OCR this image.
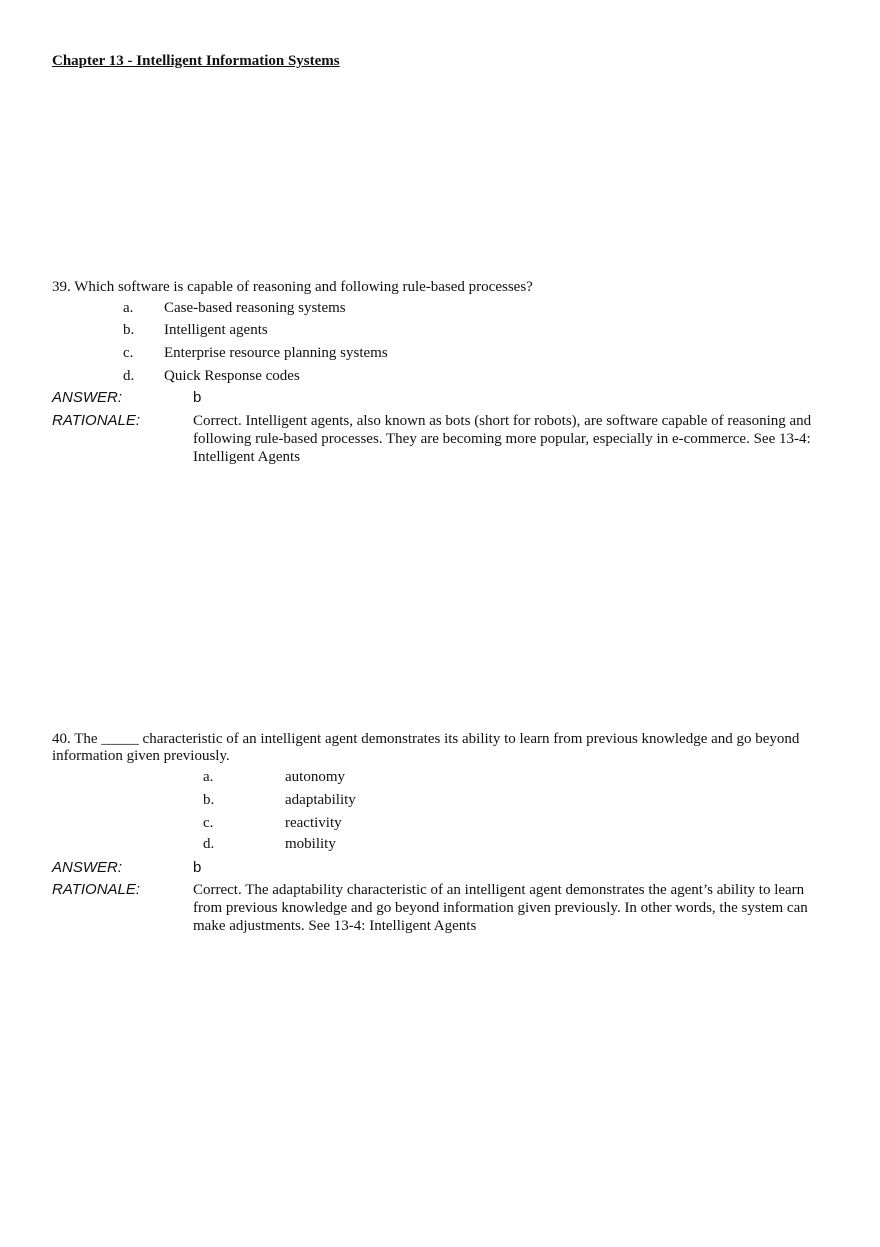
Chapter 13 - Intelligent Information Systems
39. Which software is capable of reasoning and following rule-based processes?
a. Case-based reasoning systems
b. Intelligent agents
c. Enterprise resource planning systems
d. Quick Response codes
ANSWER:	b
RATIONALE:	Correct. Intelligent agents, also known as bots (short for robots), are software capable of reasoning and following rule-based processes. They are becoming more popular, especially in e-commerce. See 13-4: Intelligent Agents
40. The _____ characteristic of an intelligent agent demonstrates its ability to learn from previous knowledge and go beyond information given previously.
a.	autonomy
b.	adaptability
c.	reactivity
d.	mobility
ANSWER:	b
RATIONALE:	Correct. The adaptability characteristic of an intelligent agent demonstrates the agent’s ability to learn from previous knowledge and go beyond information given previously. In other words, the system can make adjustments. See 13-4: Intelligent Agents
